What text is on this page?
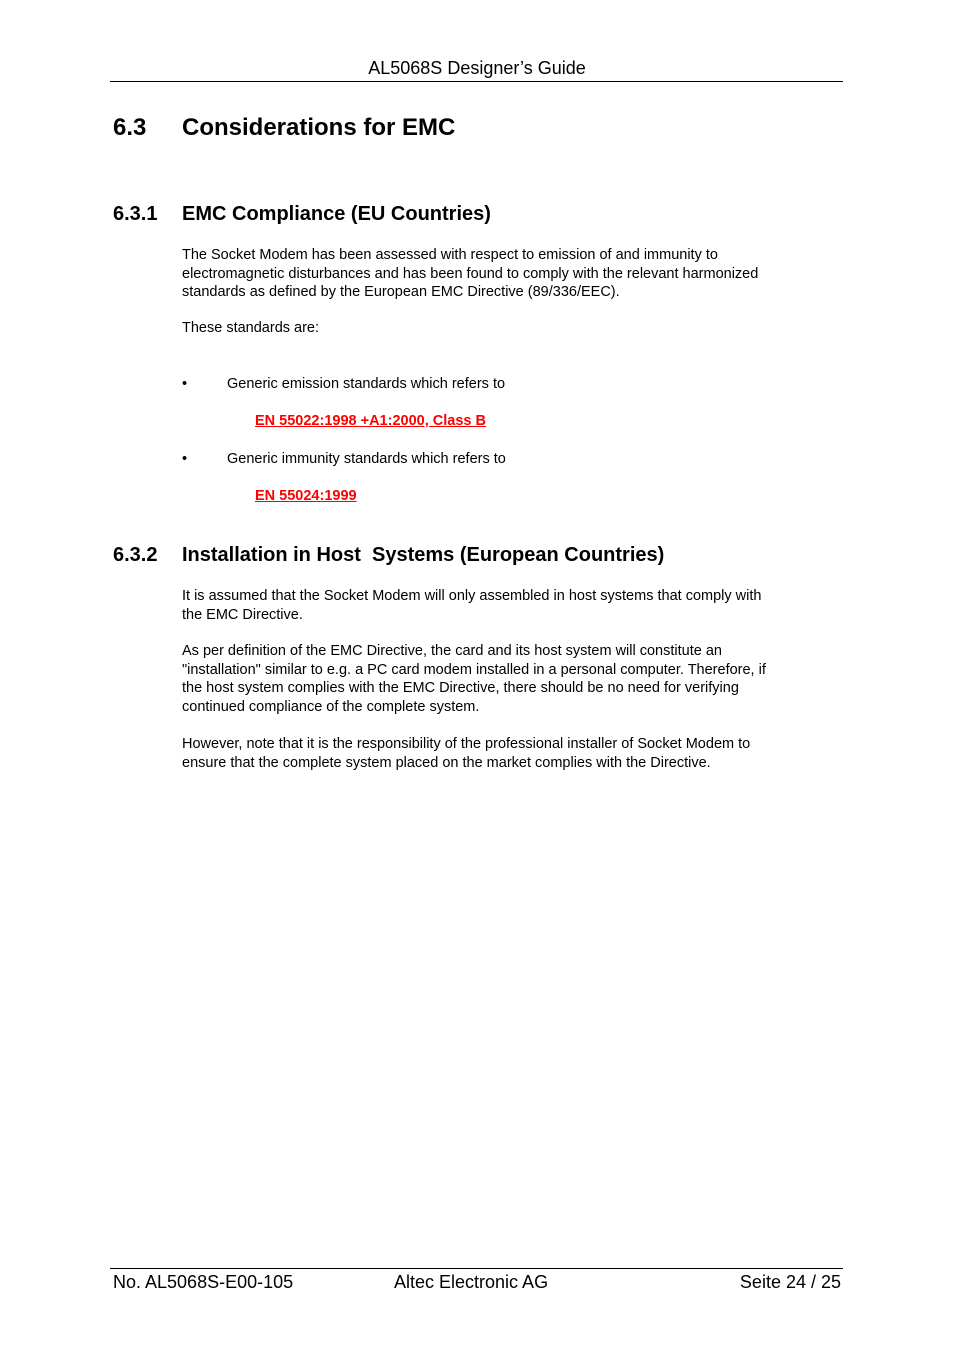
AL5068S Designer’s Guide
6.3 Considerations for EMC
6.3.1 EMC Compliance (EU Countries)
The Socket Modem has been assessed with respect to emission of and immunity to
electromagnetic disturbances and has been found to comply with the relevant harmonized
standards as defined by the European EMC Directive (89/336/EEC).
These standards are:
•	Generic emission standards which refers to
EN 55022:1998 +A1:2000, Class B
•	Generic immunity standards which refers to
EN 55024:1999
6.3.2 Installation in Host  Systems (European Countries)
It is assumed that the Socket Modem will only assembled in host systems that comply with
the EMC Directive.
As per definition of the EMC Directive, the card and its host system will constitute an
"installation" similar to e.g. a PC card modem installed in a personal computer. Therefore, if
the host system complies with the EMC Directive, there should be no need for verifying
continued compliance of the complete system.
However, note that it is the responsibility of the professional installer of Socket Modem to
ensure that the complete system placed on the market complies with the Directive.
No. AL5068S-E00-105	Altec Electronic AG	Seite 24 / 25
